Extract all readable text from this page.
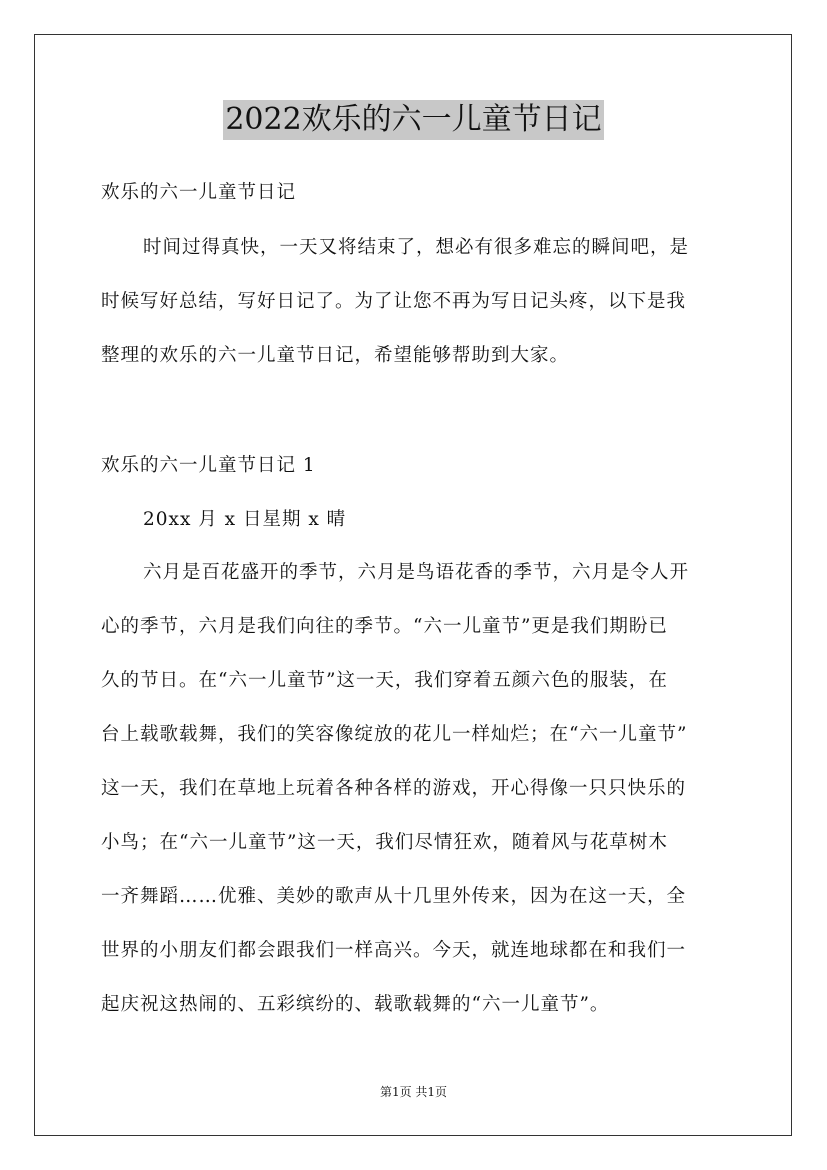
2022欢乐的六一儿童节日记
欢乐的六一儿童节日记
时间过得真快，一天又将结束了，想必有很多难忘的瞬间吧，是
时候写好总结，写好日记了。为了让您不再为写日记头疼，以下是我
整理的欢乐的六一儿童节日记，希望能够帮助到大家。
欢乐的六一儿童节日记 1
20xx 月 x 日星期 x 晴
六月是百花盛开的季节，六月是鸟语花香的季节，六月是令人开
心的季节，六月是我们向往的季节。“六一儿童节”更是我们期盼已
久的节日。在“六一儿童节”这一天，我们穿着五颜六色的服装，在
台上载歌载舞，我们的笑容像绽放的花儿一样灿烂；在“六一儿童节”
这一天，我们在草地上玩着各种各样的游戏，开心得像一只只快乐的
小鸟；在“六一儿童节”这一天，我们尽情狂欢，随着风与花草树木
一齐舞蹈……优雅、美妙的歌声从十几里外传来，因为在这一天，全
世界的小朋友们都会跟我们一样高兴。今天，就连地球都在和我们一
起庆祝这热闹的、五彩缤纷的、载歌载舞的“六一儿童节”。
第1页 共1页
